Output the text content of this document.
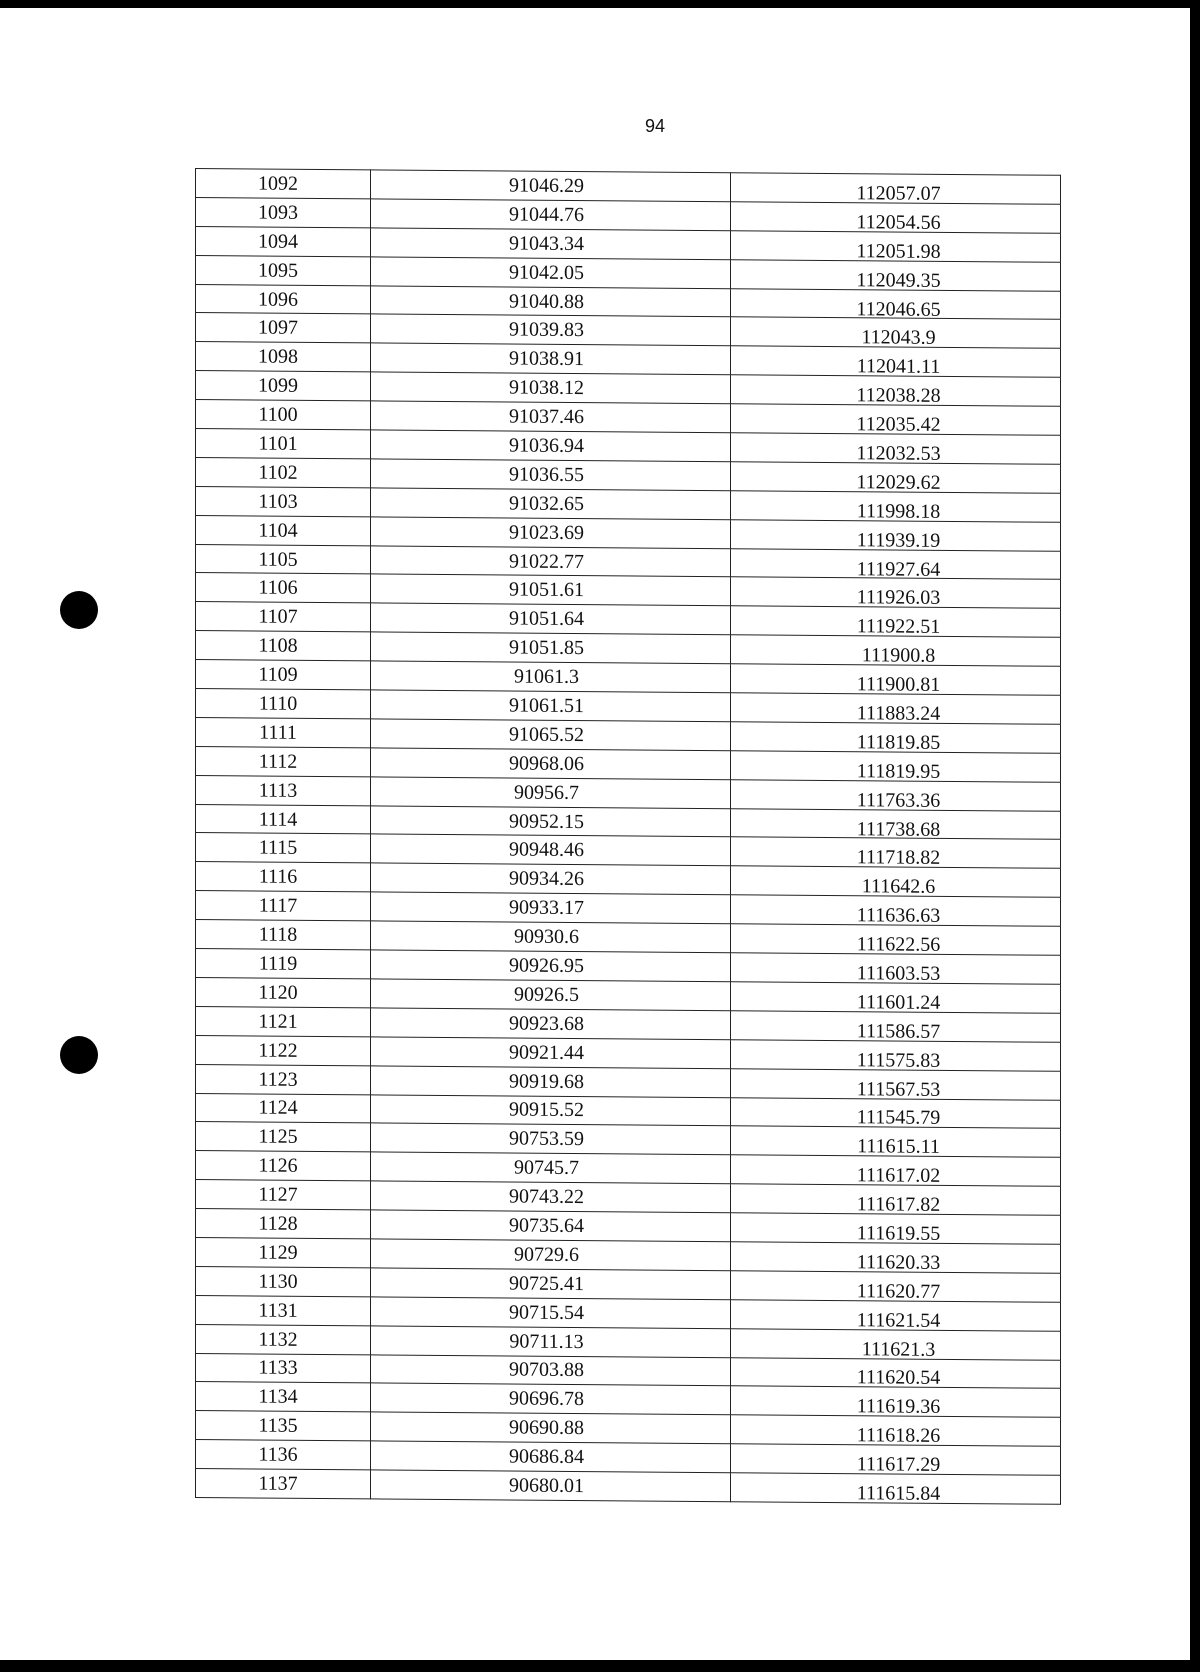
94
1092	91046.29	112057.07
1093	91044.76	112054.56
1094	91043.34	112051.98
1095	91042.05	112049.35
1096	91040.88	112046.65
1097	91039.83	112043.9
1098	91038.91	112041.11
1099	91038.12	112038.28
1100	91037.46	112035.42
1101	91036.94	112032.53
1102	91036.55	112029.62
1103	91032.65	111998.18
1104	91023.69	111939.19
1105	91022.77	111927.64
1106	91051.61	111926.03
1107	91051.64	111922.51
1108	91051.85	111900.8
1109	91061.3	111900.81
1110	91061.51	111883.24
1111	91065.52	111819.85
1112	90968.06	111819.95
1113	90956.7	111763.36
1114	90952.15	111738.68
1115	90948.46	111718.82
1116	90934.26	111642.6
1117	90933.17	111636.63
1118	90930.6	111622.56
1119	90926.95	111603.53
1120	90926.5	111601.24
1121	90923.68	111586.57
1122	90921.44	111575.83
1123	90919.68	111567.53
1124	90915.52	111545.79
1125	90753.59	111615.11
1126	90745.7	111617.02
1127	90743.22	111617.82
1128	90735.64	111619.55
1129	90729.6	111620.33
1130	90725.41	111620.77
1131	90715.54	111621.54
1132	90711.13	111621.3
1133	90703.88	111620.54
1134	90696.78	111619.36
1135	90690.88	111618.26
1136	90686.84	111617.29
1137	90680.01	111615.84
